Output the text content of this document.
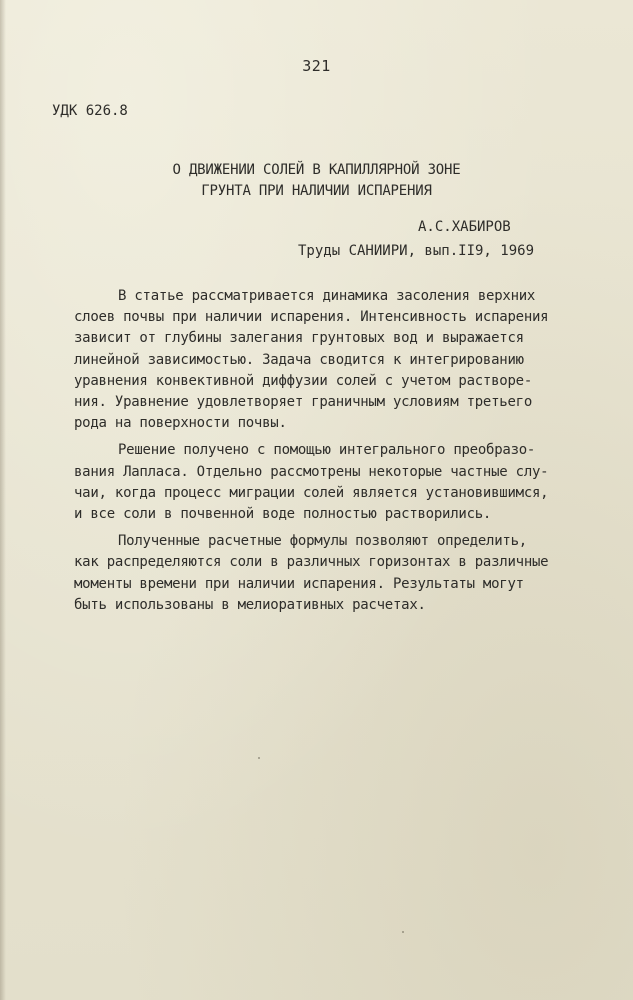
321
УДК 626.8
О ДВИЖЕНИИ СОЛЕЙ В КАПИЛЛЯРНОЙ ЗОНЕ
ГРУНТА ПРИ НАЛИЧИИ ИСПАРЕНИЯ
А.С.ХАБИРОВ
Труды САНИИРИ, вып.II9, 1969
В статье рассматривается динамика засоления верхних
слоев почвы при наличии испарения. Интенсивность испарения
зависит от глубины залегания грунтовых вод и выражается
линейной зависимостью. Задача сводится к интегрированию
уравнения конвективной диффузии солей с учетом растворе-
ния. Уравнение удовлетворяет граничным условиям третьего
рода на поверхности почвы.
Решение получено с помощью интегрального преобразо-
вания Лапласа. Отдельно рассмотрены некоторые частные слу-
чаи, когда процесс миграции солей является установившимся,
и все соли в почвенной воде полностью растворились.
Полученные расчетные формулы позволяют определить,
как распределяются соли в различных горизонтах в различные
моменты времени при наличии испарения. Результаты могут
быть использованы в мелиоративных расчетах.
